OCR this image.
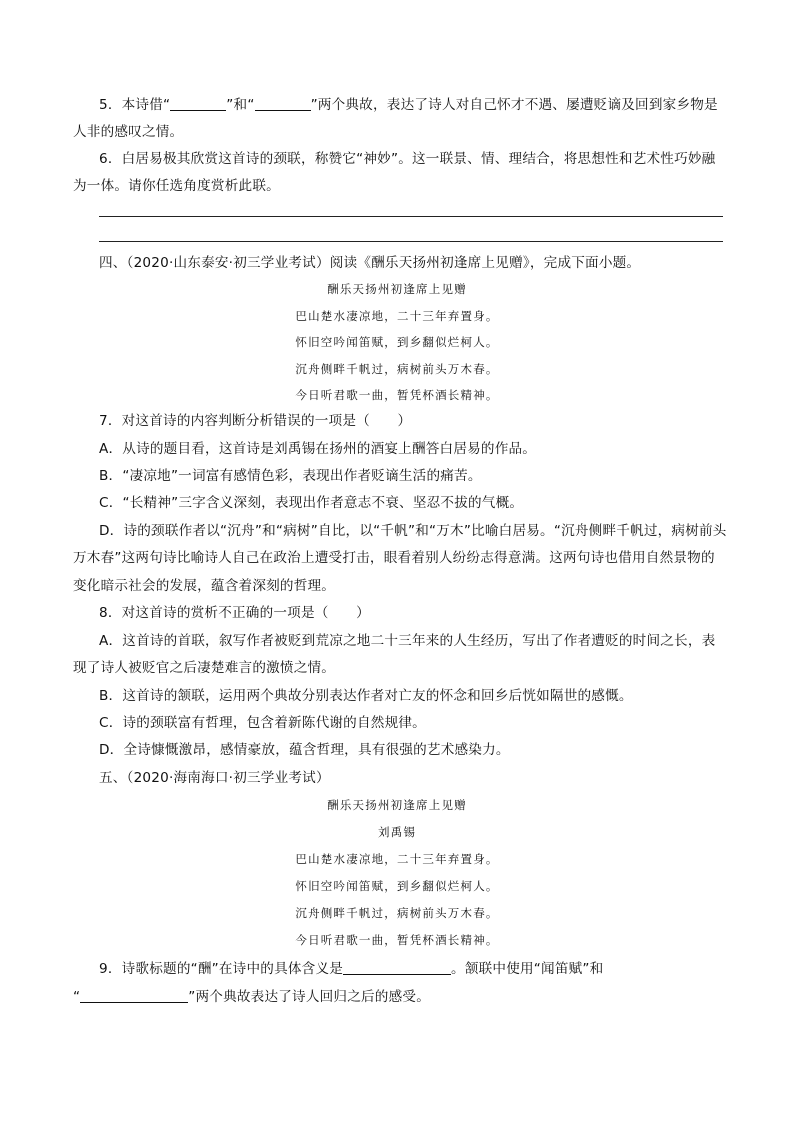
5．本诗借“	”和“	”两个典故，表达了诗人对自己怀才不遇、屡遭贬谪及回到家乡物是
人非的感叹之情。
6．白居易极其欣赏这首诗的颈联，称赞它“神妙”。这一联景、情、理结合，将思想性和艺术性巧妙融
为一体。请你任选角度赏析此联。
四、（2020·山东泰安·初三学业考试）阅读《酬乐天扬州初逢席上见赠》，完成下面小题。
酬乐天扬州初逢席上见赠
巴山楚水凄凉地，二十三年弃置身。
怀旧空吟闻笛赋，到乡翻似烂柯人。
沉舟侧畔千帆过，病树前头万木春。
今日听君歌一曲，暂凭杯酒长精神。
7．对这首诗的内容判断分析错误的一项是（　　）
A．从诗的题目看，这首诗是刘禹锡在扬州的酒宴上酬答白居易的作品。
B．“凄凉地”一词富有感情色彩，表现出作者贬谪生活的痛苦。
C．“长精神”三字含义深刻，表现出作者意志不衰、坚忍不拔的气概。
D．诗的颈联作者以“沉舟”和“病树”自比，以“千帆”和“万木”比喻白居易。“沉舟侧畔千帆过，病树前头
万木春”这两句诗比喻诗人自己在政治上遭受打击，眼看着别人纷纷志得意满。这两句诗也借用自然景物的
变化暗示社会的发展，蕴含着深刻的哲理。
8．对这首诗的赏析不正确的一项是（　　）
A．这首诗的首联，叙写作者被贬到荒凉之地二十三年来的人生经历，写出了作者遭贬的时间之长，表
现了诗人被贬官之后凄楚难言的激愤之情。
B．这首诗的颔联，运用两个典故分别表达作者对亡友的怀念和回乡后恍如隔世的感慨。
C．诗的颈联富有哲理，包含着新陈代谢的自然规律。
D．全诗慷慨激昂，感情豪放，蕴含哲理，具有很强的艺术感染力。
五、（2020·海南海口·初三学业考试）
酬乐天扬州初逢席上见赠
刘禹锡
巴山楚水凄凉地，二十三年弃置身。
怀旧空吟闻笛赋，到乡翻似烂柯人。
沉舟侧畔千帆过，病树前头万木春。
今日听君歌一曲，暂凭杯酒长精神。
9．诗歌标题的“酬”在诗中的具体含义是	。颔联中使用“闻笛赋”和
“	”两个典故表达了诗人回归之后的感受。
